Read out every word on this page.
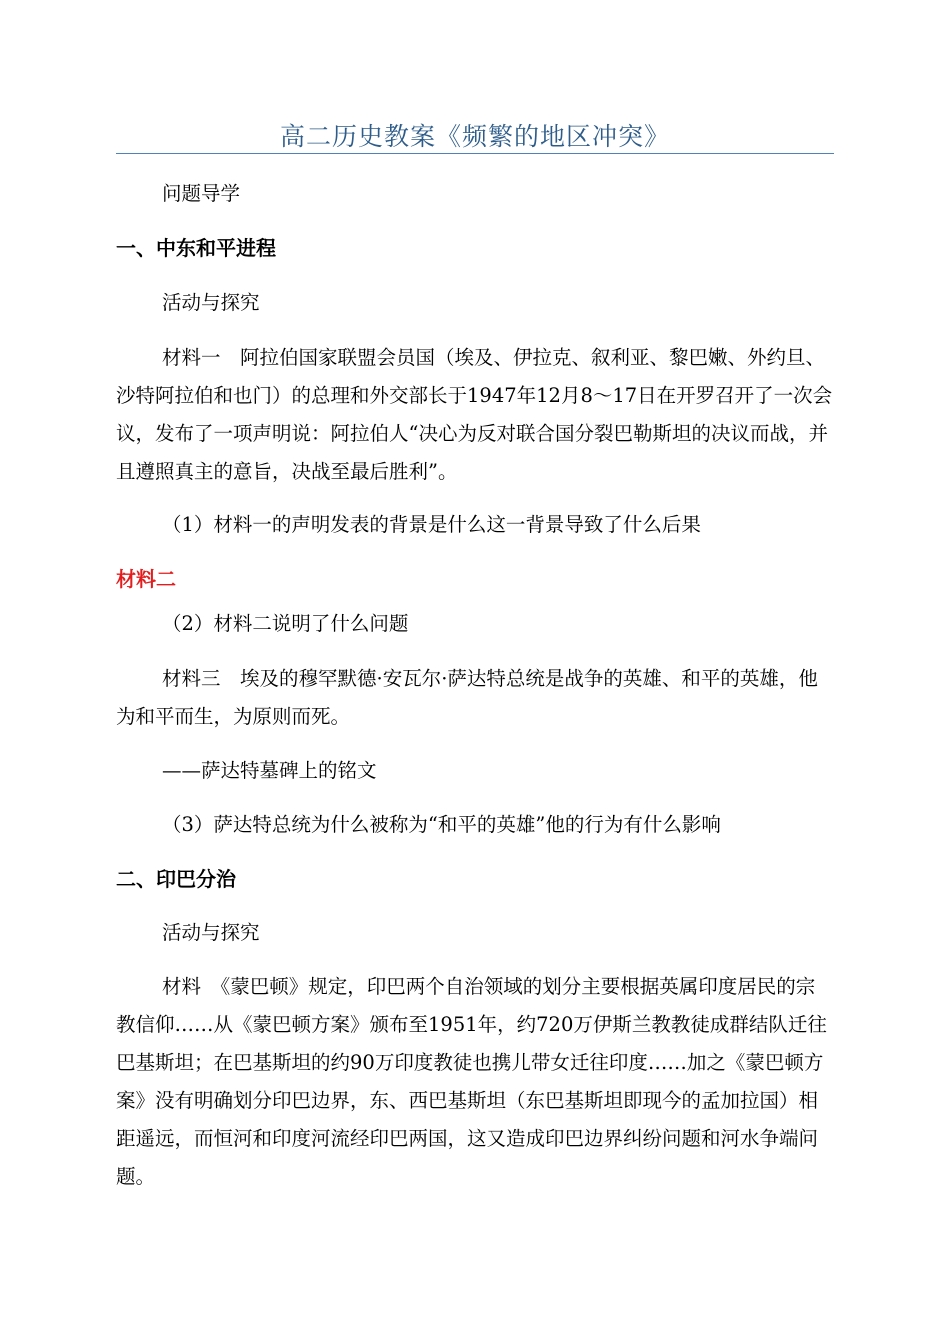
高二历史教案《频繁的地区冲突》

问题导学

一、中东和平进程

活动与探究

材料一　阿拉伯国家联盟会员国（埃及、伊拉克、叙利亚、黎巴嫩、外约旦、沙特阿拉伯和也门）的总理和外交部长于1947年12月8～17日在开罗召开了一次会议，发布了一项声明说：阿拉伯人“决心为反对联合国分裂巴勒斯坦的决议而战，并且遵照真主的意旨，决战至最后胜利”。

（1）材料一的声明发表的背景是什么这一背景导致了什么后果

材料二

（2）材料二说明了什么问题

材料三　埃及的穆罕默德·安瓦尔·萨达特总统是战争的英雄、和平的英雄，他为和平而生，为原则而死。

——萨达特墓碑上的铭文

（3）萨达特总统为什么被称为“和平的英雄”他的行为有什么影响

二、印巴分治

活动与探究

材料　《蒙巴顿》规定，印巴两个自治领域的划分主要根据英属印度居民的宗教信仰……从《蒙巴顿方案》颁布至1951年，约720万伊斯兰教教徒成群结队迁往巴基斯坦；在巴基斯坦的约90万印度教徒也携儿带女迁往印度……加之《蒙巴顿方案》没有明确划分印巴边界，东、西巴基斯坦（东巴基斯坦即现今的孟加拉国）相距遥远，而恒河和印度河流经印巴两国，这又造成印巴边界纠纷问题和河水争端问题。
